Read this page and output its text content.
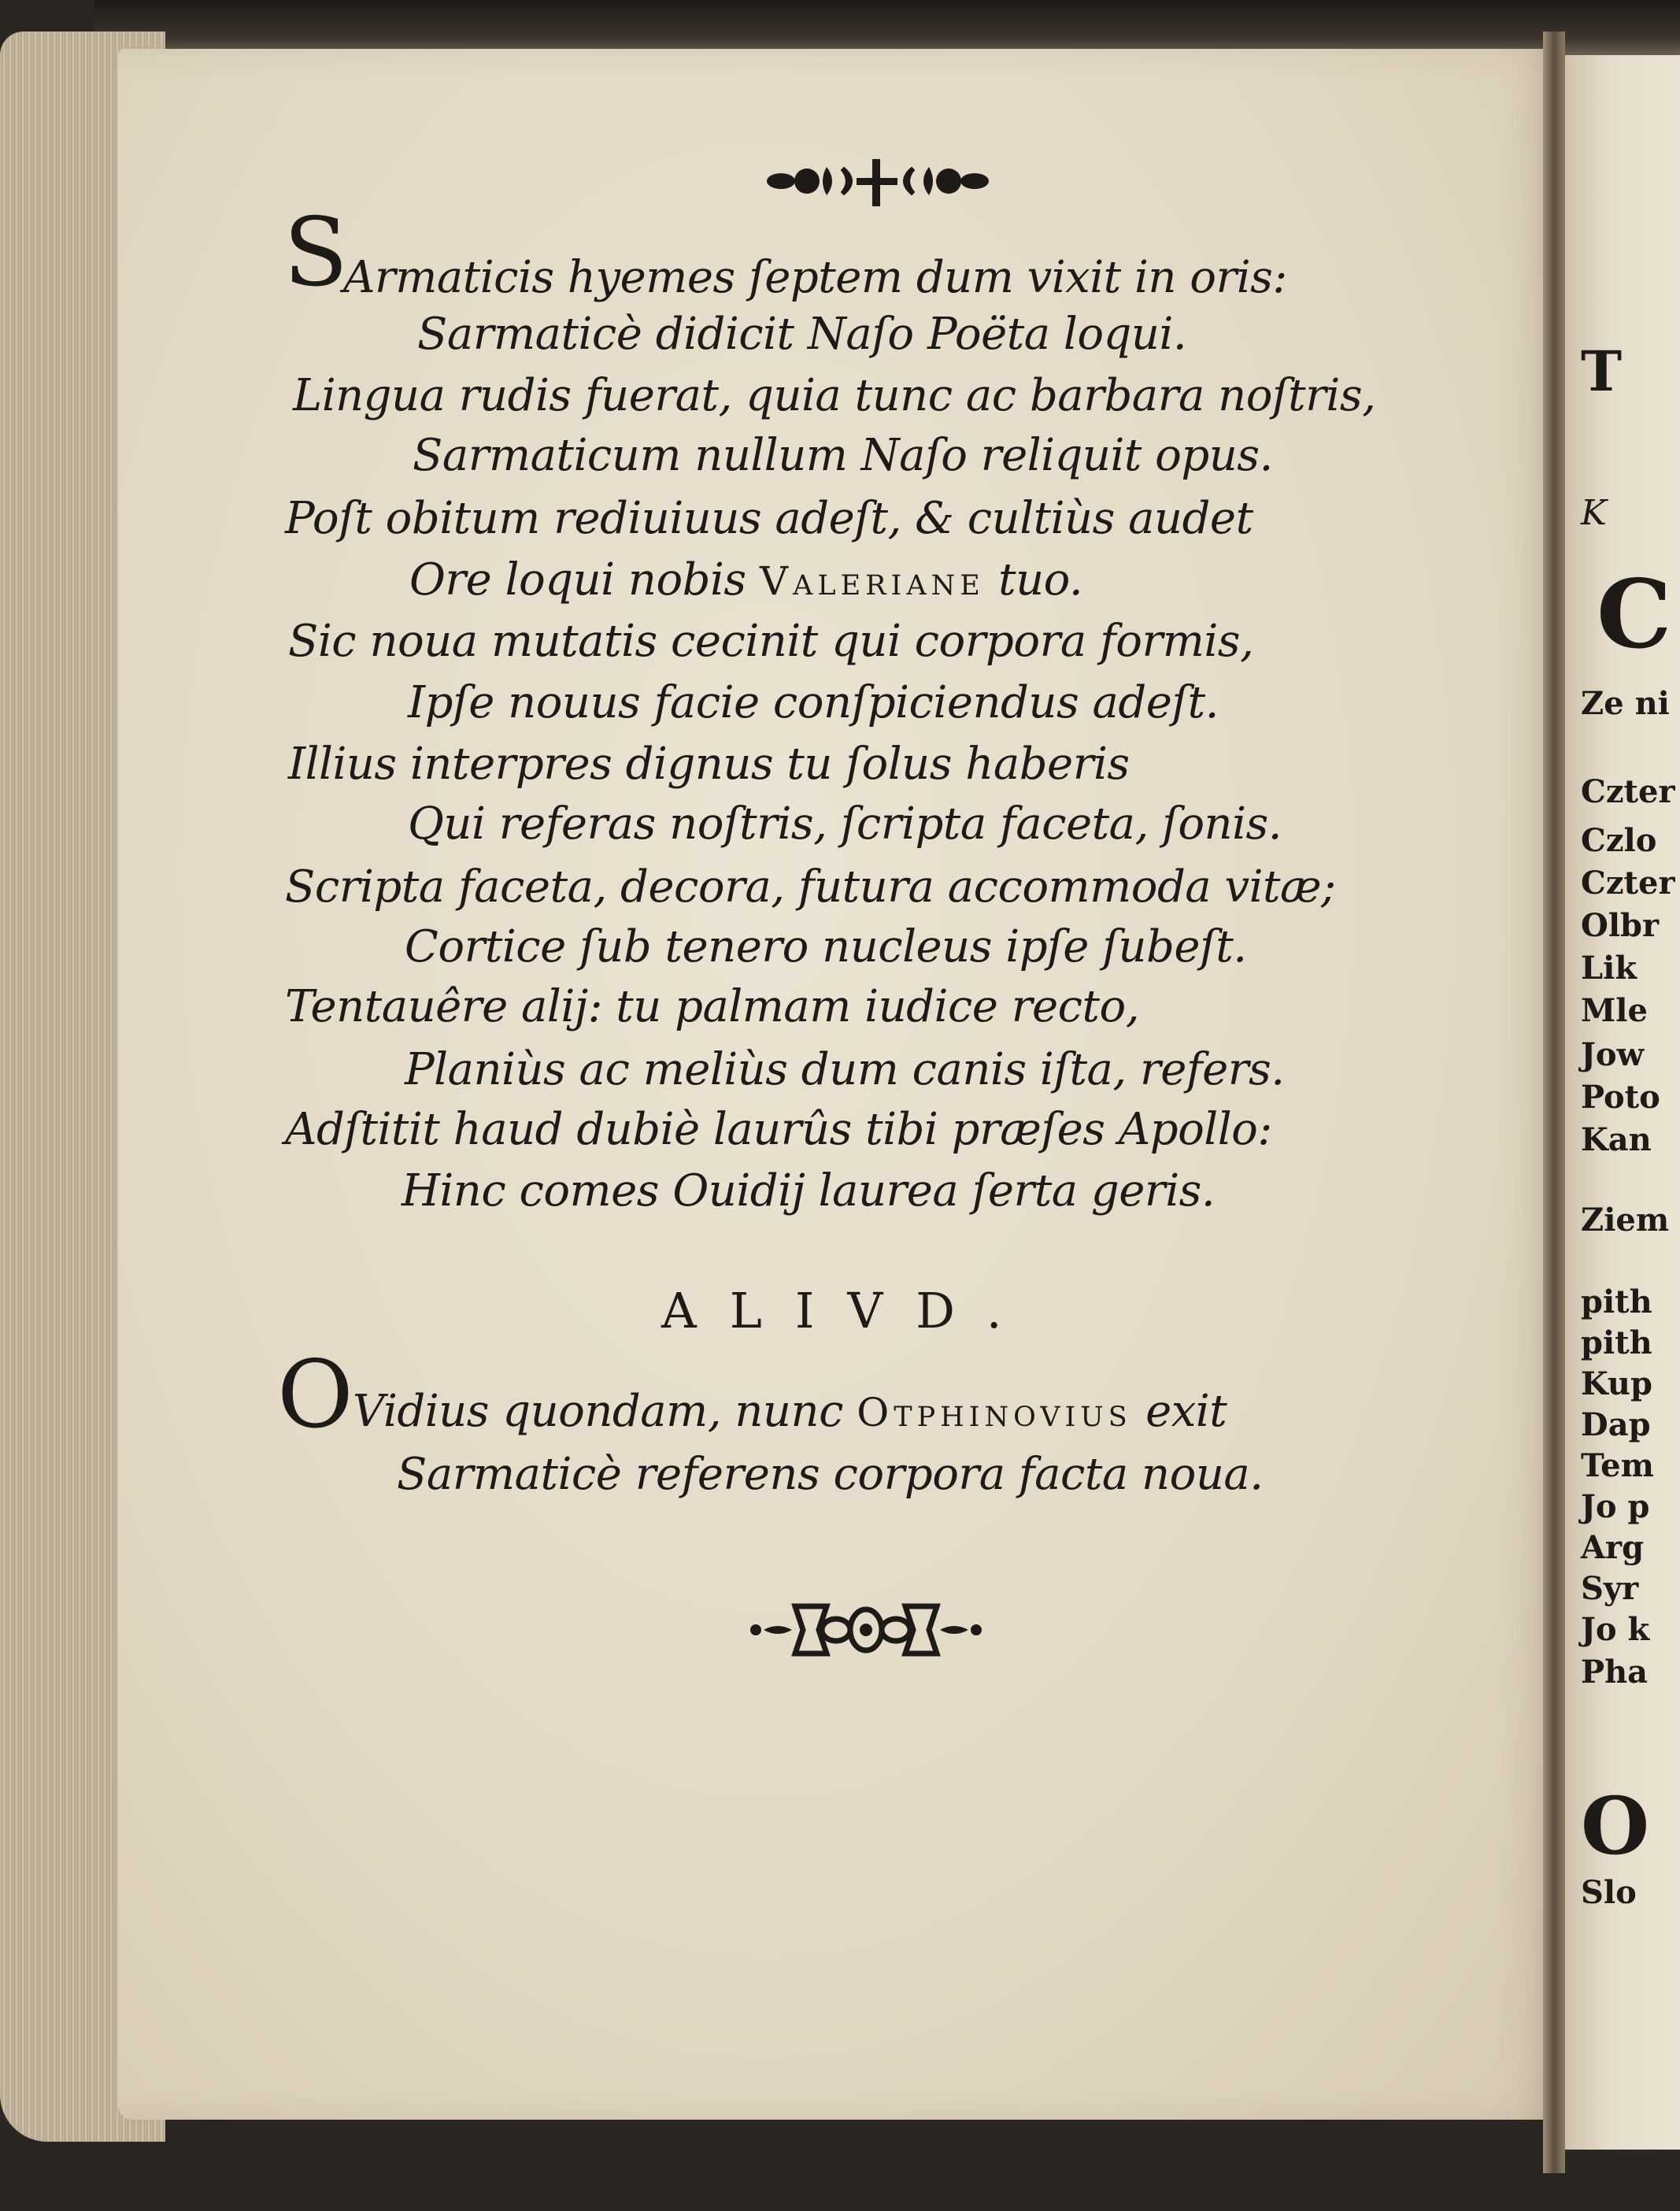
S
Armaticis hyemes ſeptem dum vixit in oris:
Sarmaticè didicit Naſo Poëta loqui.
Lingua rudis fuerat, quia tunc ac barbara noſtris,
Sarmaticum nullum Naſo reliquit opus.
Poſt obitum rediuiuus adeſt, & cultiùs audet
Ore loqui nobis Valeriane tuo.
Sic noua mutatis cecinit qui corpora formis,
Ipſe nouus facie conſpiciendus adeſt.
Illius interpres dignus tu ſolus haberis
Qui referas noſtris, ſcripta faceta, ſonis.
Scripta faceta, decora, futura accommoda vitæ;
Cortice ſub tenero nucleus ipſe ſubeſt.
Tentauêre alij: tu palmam iudice recto,
Planiùs ac meliùs dum canis iſta, refers.
Adſtitit haud dubiè laurûs tibi præſes Apollo:
Hinc comes Ouidij laurea ſerta geris.
ALIVD.
O Vidius quondam, nunc Otphinovius exit
Sarmaticè referens corpora facta noua.
T
K
C
Ze ni
Czter
Czlo
Czter
Olbr
Lik
Mle
Jow
Poto
Kan
Ziem
pith
pith
Kup
Dap
Tem
Jo p
Arg
Syr
Jo k
Pha
O
Slo
